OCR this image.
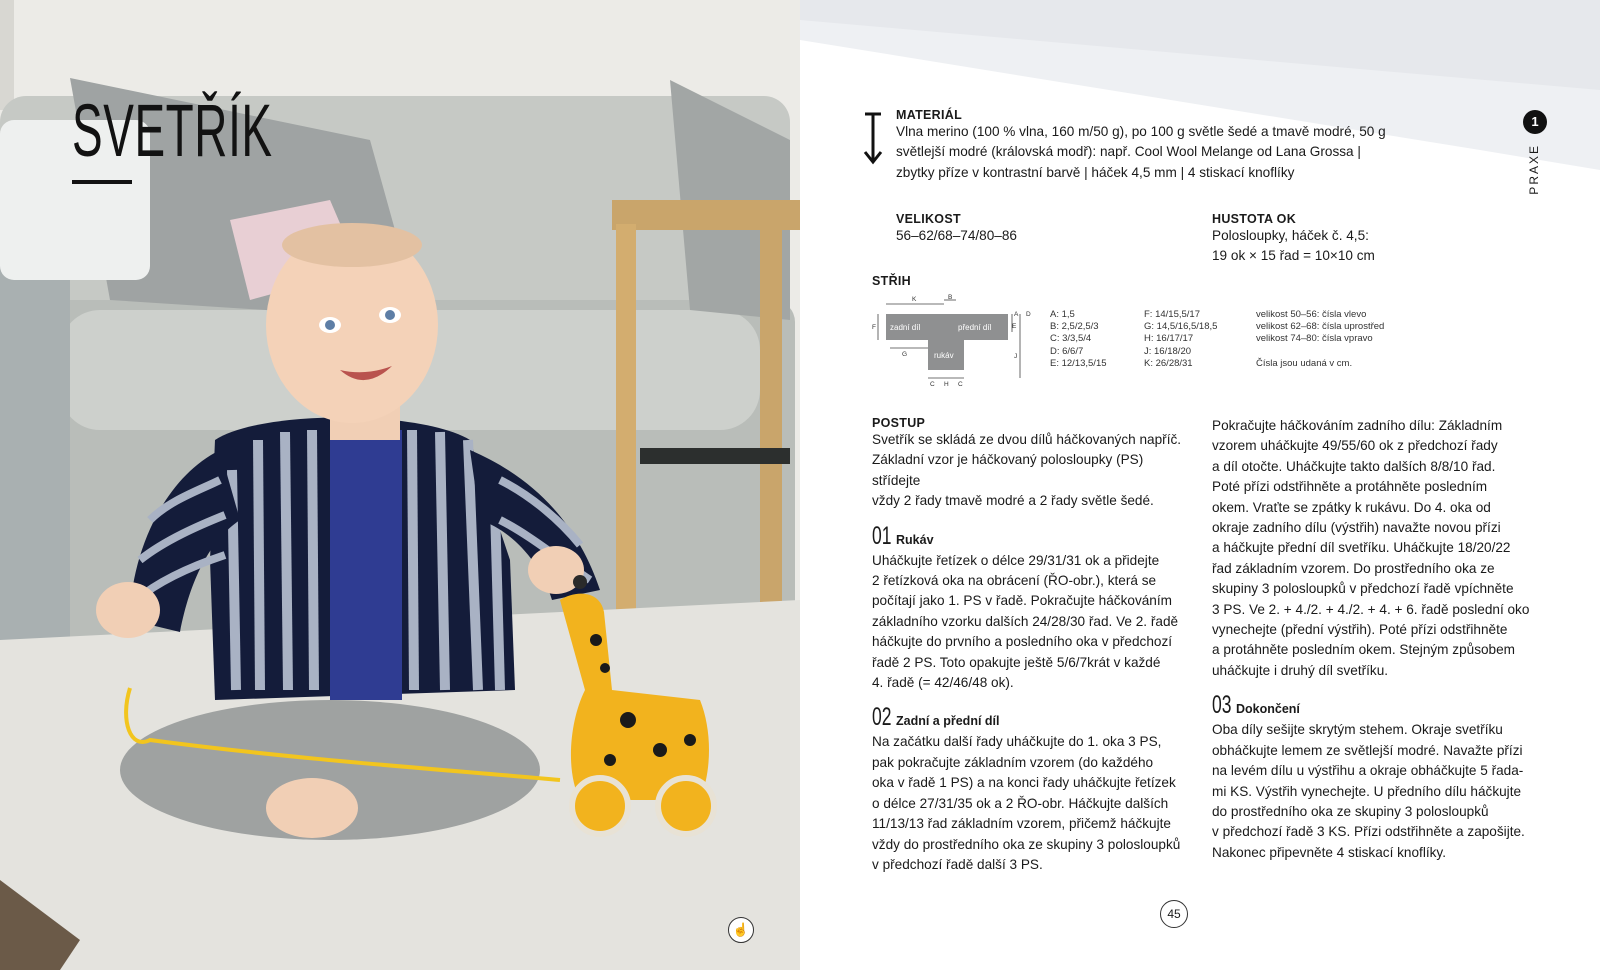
SVETŘÍK
☝
MATERIÁL
Vlna merino (100 % vlna, 160 m/50 g), po 100 g světle šedé a tmavě modré, 50 g
světlejší modré (královská modř): např. Cool Wool Melange od Lana Grossa |
zbytky příze v kontrastní barvě | háček 4,5 mm | 4 stiskací knoflíky
VELIKOST
56–62/68–74/80–86
HUSTOTA OK
Polosloupky, háček č. 4,5:
19 ok × 15 řad = 10×10 cm
STŘIH
zadní díl	přední díl
rukáv
K	B
F
G
A D
E
J
C H C
A: 1,5
B: 2,5/2,5/3
C: 3/3,5/4
D: 6/6/7
E: 12/13,5/15
F: 14/15,5/17
G: 14,5/16,5/18,5
H: 16/17/17
J: 16/18/20
K: 26/28/31
velikost 50–56: čísla vlevo
velikost 62–68: čísla uprostřed
velikost 74–80: čísla vpravo
Čísla jsou udaná v cm.
POSTUP
Svetřík se skládá ze dvou dílů háčkovaných napříč.
Základní vzor je háčkovaný polosloupky (PS) střídejte
vždy 2 řady tmavě modré a 2 řady světle šedé.
01 Rukáv
Uháčkujte řetízek o délce 29/31/31 ok a přidejte
2 řetízková oka na obrácení (ŘO-obr.), která se
počítají jako 1. PS v řadě. Pokračujte háčkováním
základního vzorku dalších 24/28/30 řad. Ve 2. řadě
háčkujte do prvního a posledního oka v předchozí
řadě 2 PS. Toto opakujte ještě 5/6/7krát v každé
4. řadě (= 42/46/48 ok).
02 Zadní a přední díl
Na začátku další řady uháčkujte do 1. oka 3 PS,
pak pokračujte základním vzorem (do každého
oka v řadě 1 PS) a na konci řady uháčkujte řetízek
o délce 27/31/35 ok a 2 ŘO-obr. Háčkujte dalších
11/13/13 řad základním vzorem, přičemž háčkujte
vždy do prostředního oka ze skupiny 3 polosloupků
v předchozí řadě další 3 PS.
Pokračujte háčkováním zadního dílu: Základním
vzorem uháčkujte 49/55/60 ok z předchozí řady
a díl otočte. Uháčkujte takto dalších 8/8/10 řad.
Poté přízi odstřihněte a protáhněte posledním
okem. Vraťte se zpátky k rukávu. Do 4. oka od
okraje zadního dílu (výstřih) navažte novou přízi
a háčkujte přední díl svetříku. Uháčkujte 18/20/22
řad základním vzorem. Do prostředního oka ze
skupiny 3 polosloupků v předchozí řadě vpíchněte
3 PS. Ve 2. + 4./2. + 4./2. + 4. + 6. řadě poslední oko
vynechejte (přední výstřih). Poté přízi odstřihněte
a protáhněte posledním okem. Stejným způsobem
uháčkujte i druhý díl svetříku.
03 Dokončení
Oba díly sešijte skrytým stehem. Okraje svetříku
obháčkujte lemem ze světlejší modré. Navažte přízi
na levém dílu u výstřihu a okraje obháčkujte 5 řada-
mi KS. Výstřih vynechejte. U předního dílu háčkujte
do prostředního oka ze skupiny 3 polosloupků
v předchozí řadě 3 KS. Přízi odstřihněte a zapošijte.
Nakonec připevněte 4 stiskací knoflíky.
1
PRAXE
45
